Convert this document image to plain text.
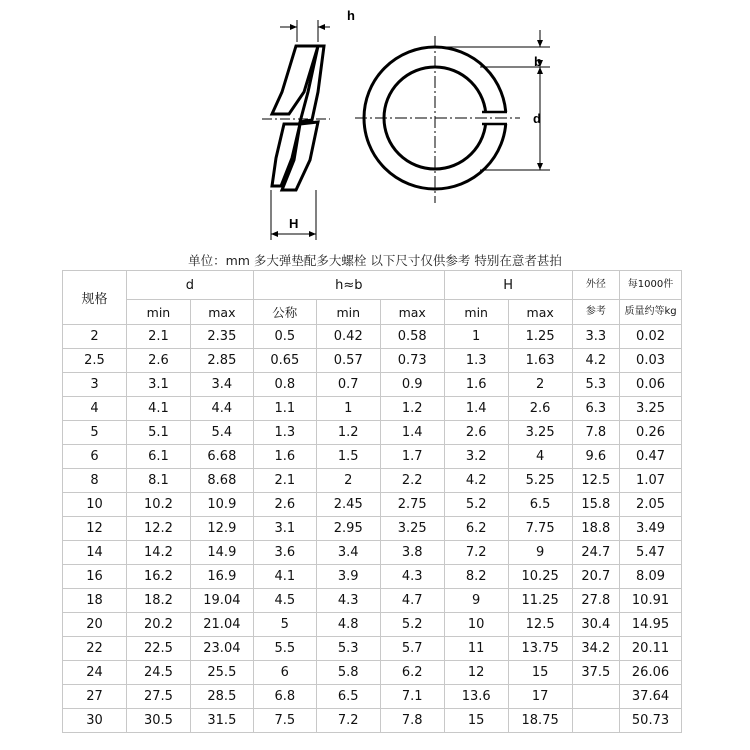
h
H
b
d
单位：mm 多大弹垫配多大螺栓 以下尺寸仅供参考 特别在意者甚拍
规格	d		h≈b			H		外径	每1000件
	min	max	公称	min	max	min	max	参考	质量约等kg
2	2.1	2.35	0.5	0.42	0.58	1	1.25	3.3	0.02
2.5	2.6	2.85	0.65	0.57	0.73	1.3	1.63	4.2	0.03
3	3.1	3.4	0.8	0.7	0.9	1.6	2	5.3	0.06
4	4.1	4.4	1.1	1	1.2	1.4	2.6	6.3	3.25
5	5.1	5.4	1.3	1.2	1.4	2.6	3.25	7.8	0.26
6	6.1	6.68	1.6	1.5	1.7	3.2	4	9.6	0.47
8	8.1	8.68	2.1	2	2.2	4.2	5.25	12.5	1.07
10	10.2	10.9	2.6	2.45	2.75	5.2	6.5	15.8	2.05
12	12.2	12.9	3.1	2.95	3.25	6.2	7.75	18.8	3.49
14	14.2	14.9	3.6	3.4	3.8	7.2	9	24.7	5.47
16	16.2	16.9	4.1	3.9	4.3	8.2	10.25	20.7	8.09
18	18.2	19.04	4.5	4.3	4.7	9	11.25	27.8	10.91
20	20.2	21.04	5	4.8	5.2	10	12.5	30.4	14.95
22	22.5	23.04	5.5	5.3	5.7	11	13.75	34.2	20.11
24	24.5	25.5	6	5.8	6.2	12	15	37.5	26.06
27	27.5	28.5	6.8	6.5	7.1	13.6	17		37.64
30	30.5	31.5	7.5	7.2	7.8	15	18.75		50.73
